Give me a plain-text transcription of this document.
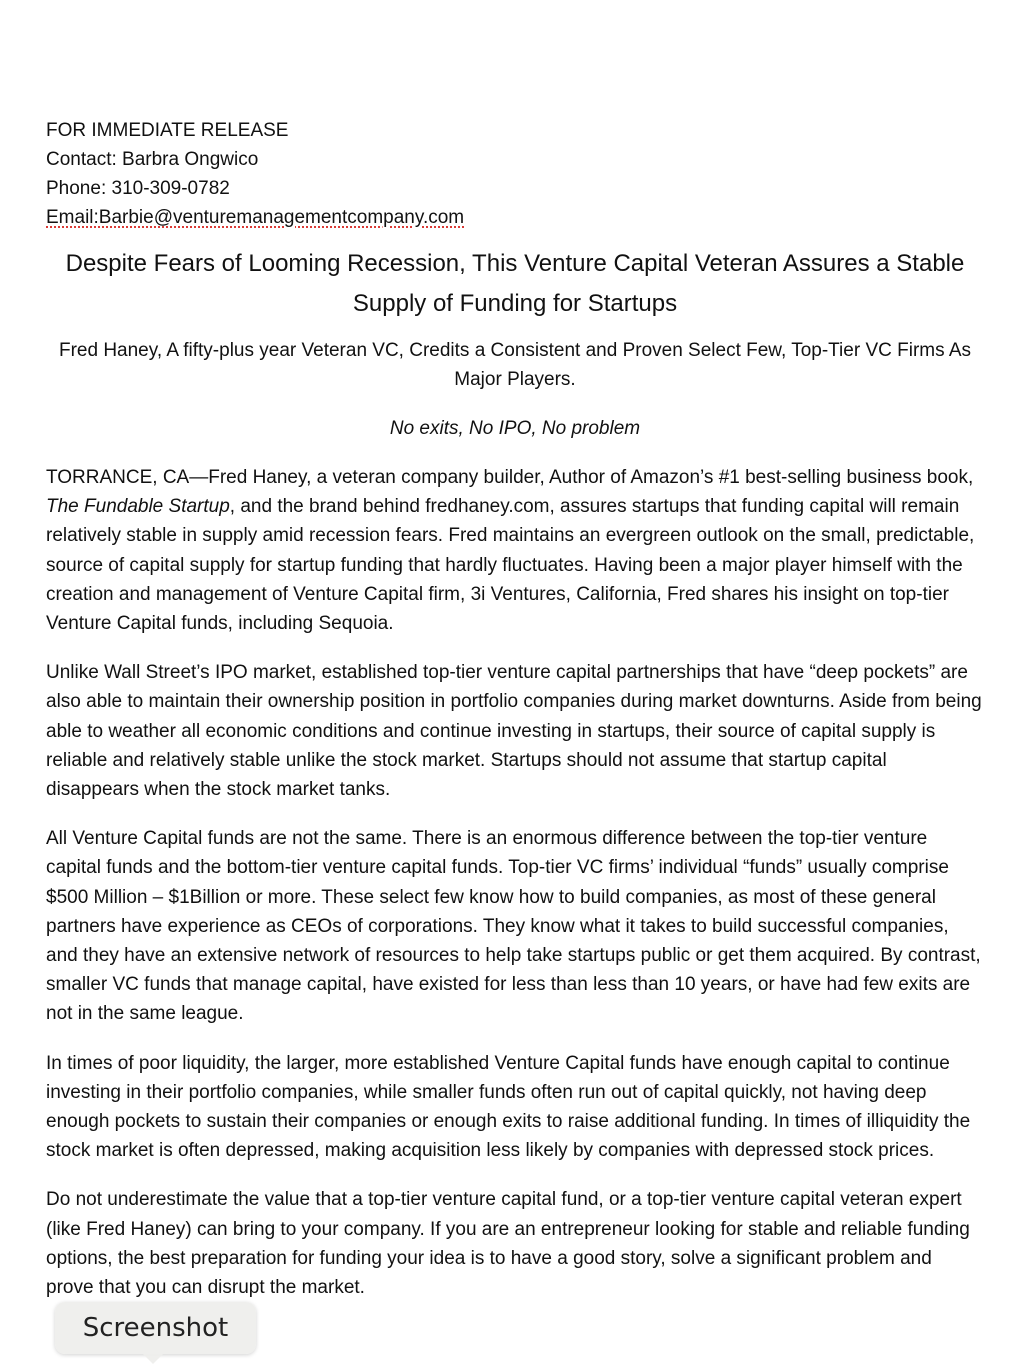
FOR IMMEDIATE RELEASE

Contact: Barbra Ongwico

Phone: 310-309-0782

Email:Barbie@venturemanagementcompany.com

Despite Fears of Looming Recession, This Venture Capital Veteran Assures a Stable Supply of Funding for Startups

Fred Haney, A fifty-plus year Veteran VC, Credits a Consistent and Proven Select Few, Top-Tier VC Firms As Major Players.

No exits, No IPO, No problem

TORRANCE, CA—Fred Haney, a veteran company builder, Author of Amazon’s #1 best-selling business book, The Fundable Startup, and the brand behind fredhaney.com, assures startups that funding capital will remain relatively stable in supply amid recession fears. Fred maintains an evergreen outlook on the small, predictable, source of capital supply for startup funding that hardly fluctuates. Having been a major player himself with the creation and management of Venture Capital firm, 3i Ventures, California, Fred shares his insight on top-tier Venture Capital funds, including Sequoia.

Unlike Wall Street’s IPO market, established top-tier venture capital partnerships that have “deep pockets” are also able to maintain their ownership position in portfolio companies during market downturns. Aside from being able to weather all economic conditions and continue investing in startups, their source of capital supply is reliable and relatively stable unlike the stock market. Startups should not assume that startup capital disappears when the stock market tanks.

All Venture Capital funds are not the same. There is an enormous difference between the top-tier venture capital funds and the bottom-tier venture capital funds. Top-tier VC firms’ individual “funds” usually comprise $500 Million – $1Billion or more. These select few know how to build companies, as most of these general partners have experience as CEOs of corporations. They know what it takes to build successful companies, and they have an extensive network of resources to help take startups public or get them acquired. By contrast, smaller VC funds that manage capital, have existed for less than less than 10 years, or have had few exits are not in the same league.

In times of poor liquidity, the larger, more established Venture Capital funds have enough capital to continue investing in their portfolio companies, while smaller funds often run out of capital quickly, not having deep enough pockets to sustain their companies or enough exits to raise additional funding. In times of illiquidity the stock market is often depressed, making acquisition less likely by companies with depressed stock prices.

Do not underestimate the value that a top-tier venture capital fund, or a top-tier venture capital veteran expert (like Fred Haney) can bring to your company. If you are an entrepreneur looking for stable and reliable funding options, the best preparation for funding your idea is to have a good story, solve a significant problem and prove that you can disrupt the market.

Screenshot
